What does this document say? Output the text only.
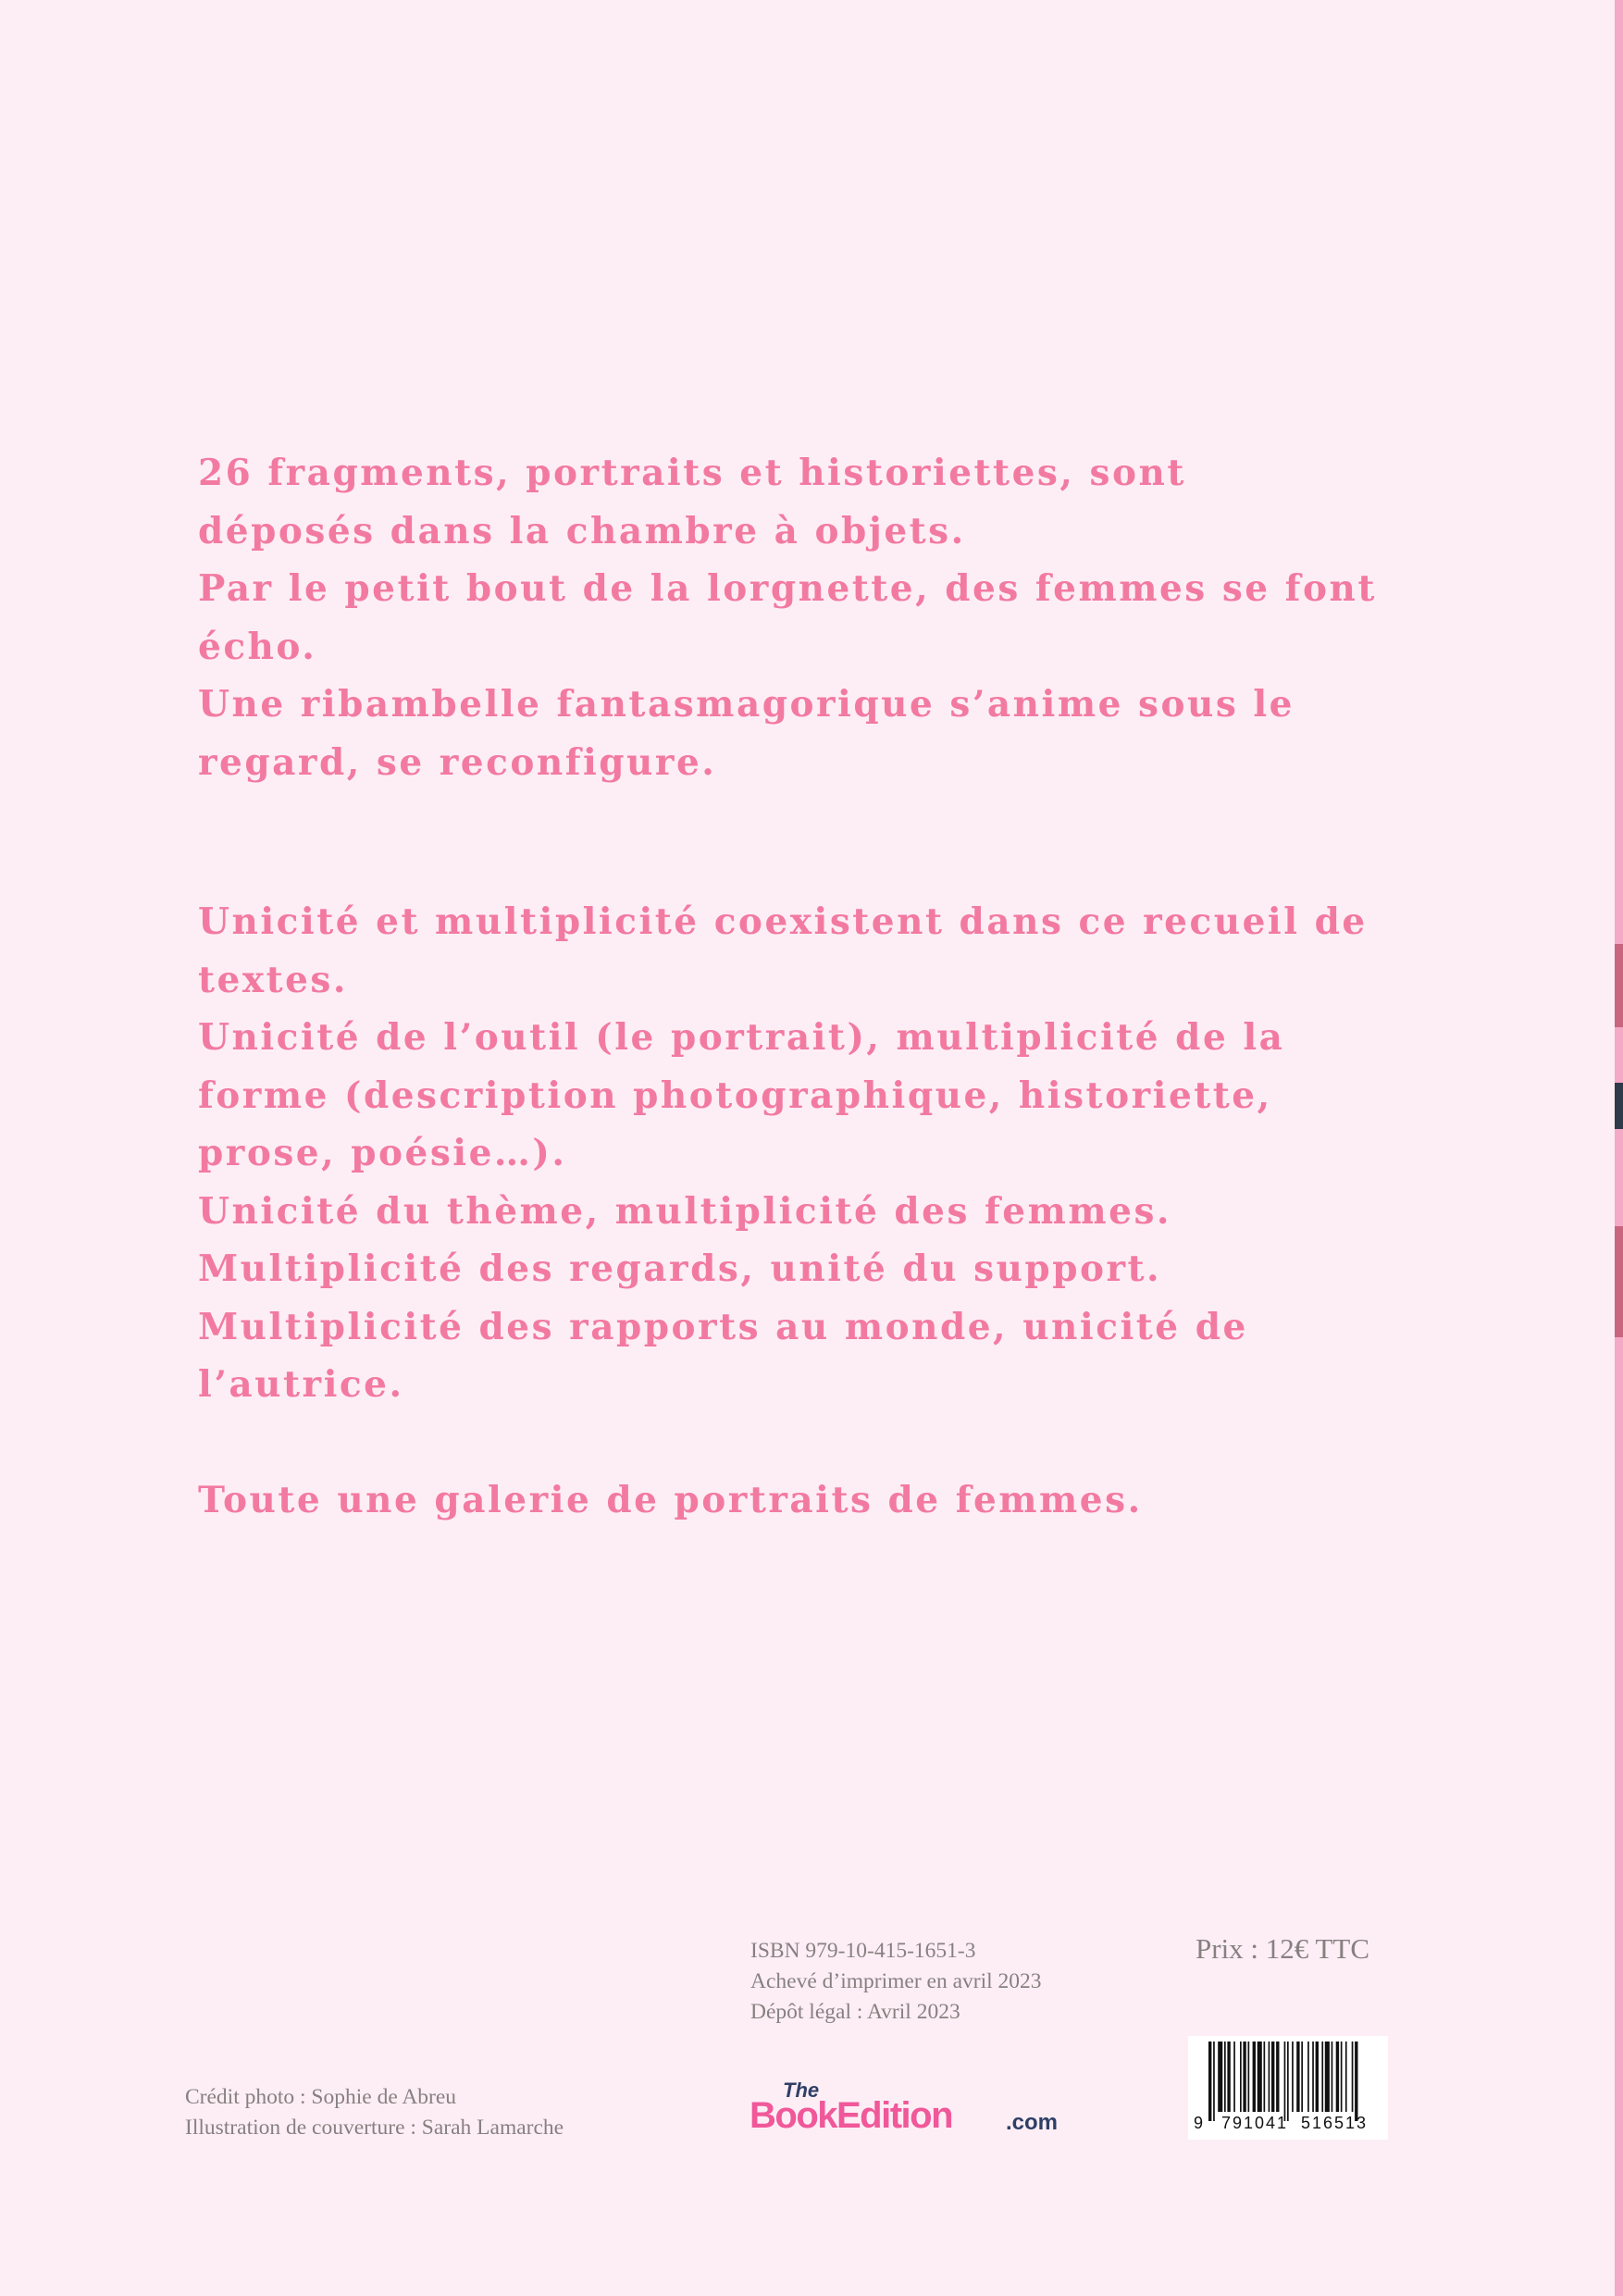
26 fragments, portraits et historiettes, sont

déposés dans la chambre à objets.

Par le petit bout de la lorgnette, des femmes se font

écho.

Une ribambelle fantasmagorique s’anime sous le

regard, se reconfigure.

Unicité et multiplicité coexistent dans ce recueil de

textes.

Unicité de l’outil (le portrait), multiplicité de la

forme (description photographique, historiette,

prose, poésie…).

Unicité du thème, multiplicité des femmes.

Multiplicité des regards, unité du support.

Multiplicité des rapports au monde, unicité de

l’autrice.

Toute une galerie de portraits de femmes.

ISBN 979-10-415-1651-3
Achevé d’imprimer en avril 2023
Dépôt légal : Avril 2023
Prix : 12€ TTC
Crédit photo : Sophie de Abreu
Illustration de couverture : Sarah Lamarche
The
BookEdition .com	9 791041 516513
